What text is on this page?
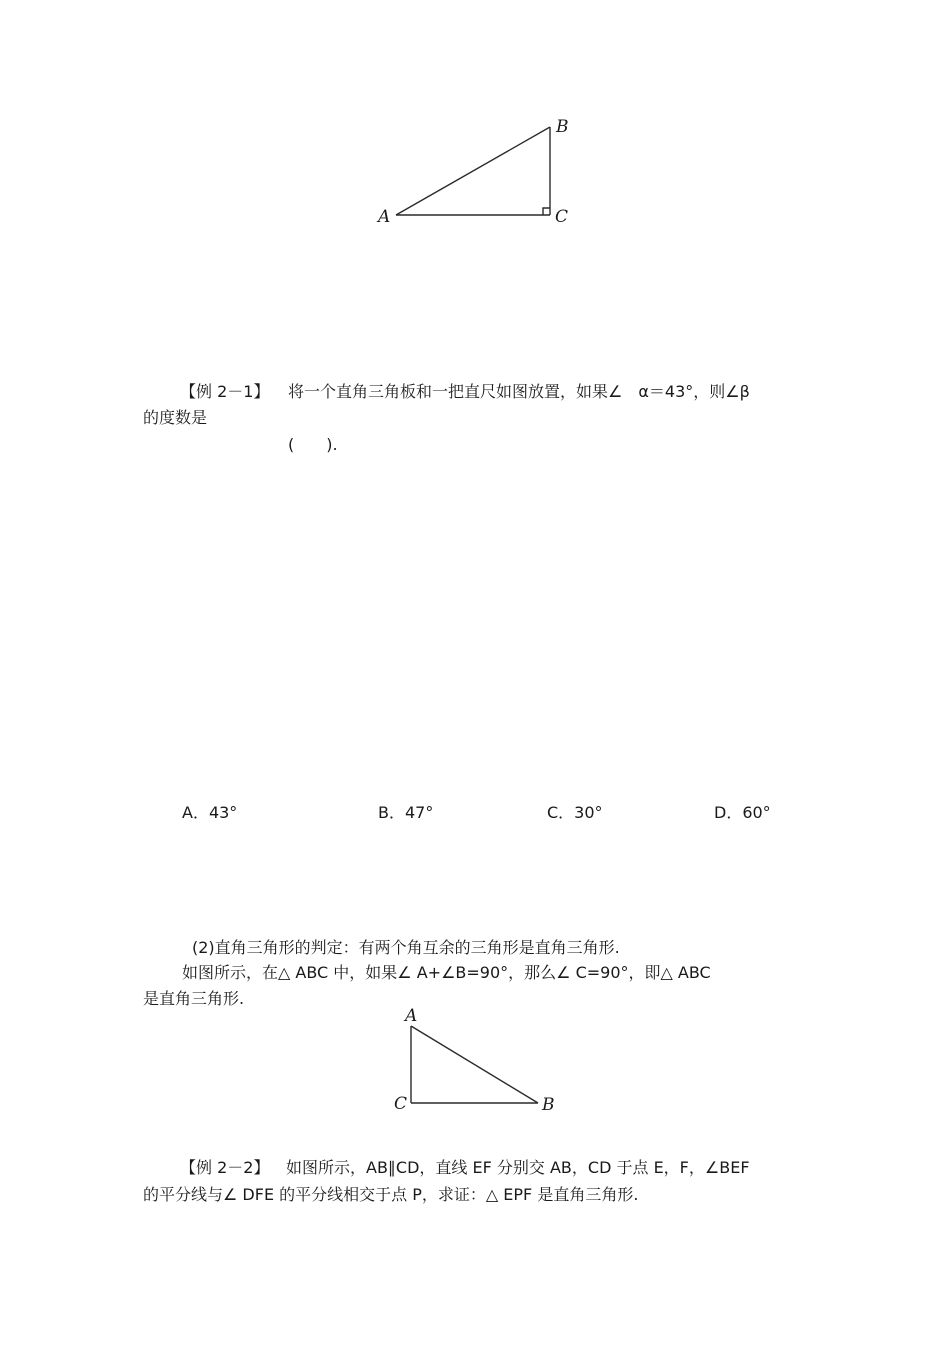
A
B
C
【例 2－1】 将一个直角三角板和一把直尺如图放置，如果∠　α＝43°，则∠β
的度数是
(　　).
A．43°	B．47°	C．30°	D．60°
(2)直角三角形的判定：有两个角互余的三角形是直角三角形.
如图所示，在△ ABC 中，如果∠ A+∠B=90°，那么∠ C=90°，即△ ABC
是直角三角形.
A
C	B
【例 2－2】 如图所示，AB∥CD，直线 EF 分别交 AB，CD 于点 E，F，∠BEF
的平分线与∠ DFE 的平分线相交于点 P，求证：△ EPF 是直角三角形.
